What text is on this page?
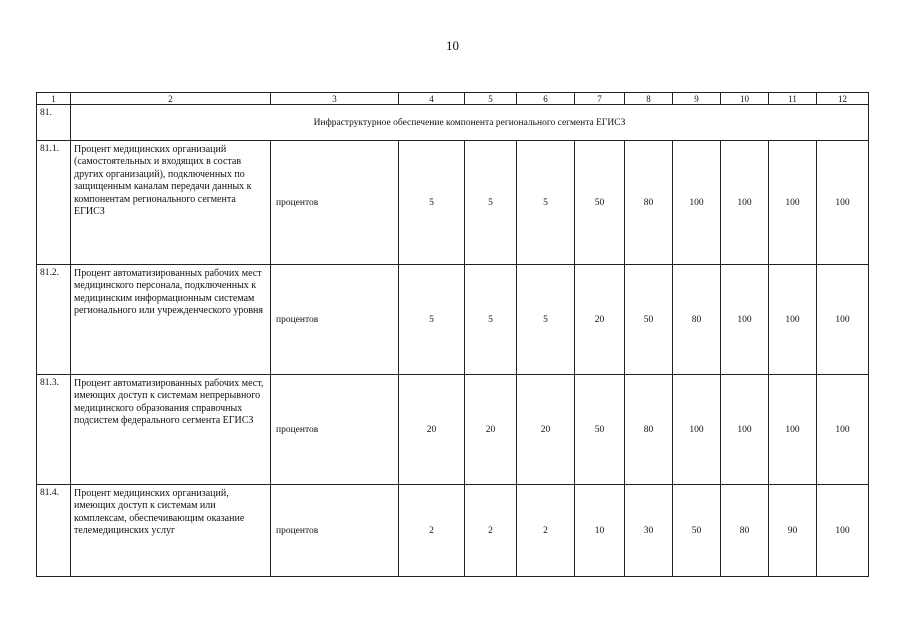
10
1	2	3	4	5	6	7	8	9	10	11	12
81.	Инфраструктурное обеспечение компонента регионального сегмента ЕГИСЗ										
81.1.	Процент медицинских организаций (самостоятельных и входящих в состав других организаций), подключенных по защищенным каналам передачи данных к компонентам регионального сегмента ЕГИСЗ	процентов	5	5	5	50	80	100	100	100	100
81.2.	Процент автоматизированных рабочих мест медицинского персонала, подключенных к медицинским информационным системам регионального или учрежденческого уровня	процентов	5	5	5	20	50	80	100	100	100
81.3.	Процент автоматизированных рабочих мест, имеющих доступ к системам непрерывного медицинского образования справочных подсистем федерального сегмента ЕГИСЗ	процентов	20	20	20	50	80	100	100	100	100
81.4.	Процент медицинских организаций, имеющих доступ к системам или комплексам, обеспечивающим оказание телемедицинских услуг	процентов	2	2	2	10	30	50	80	90	100
